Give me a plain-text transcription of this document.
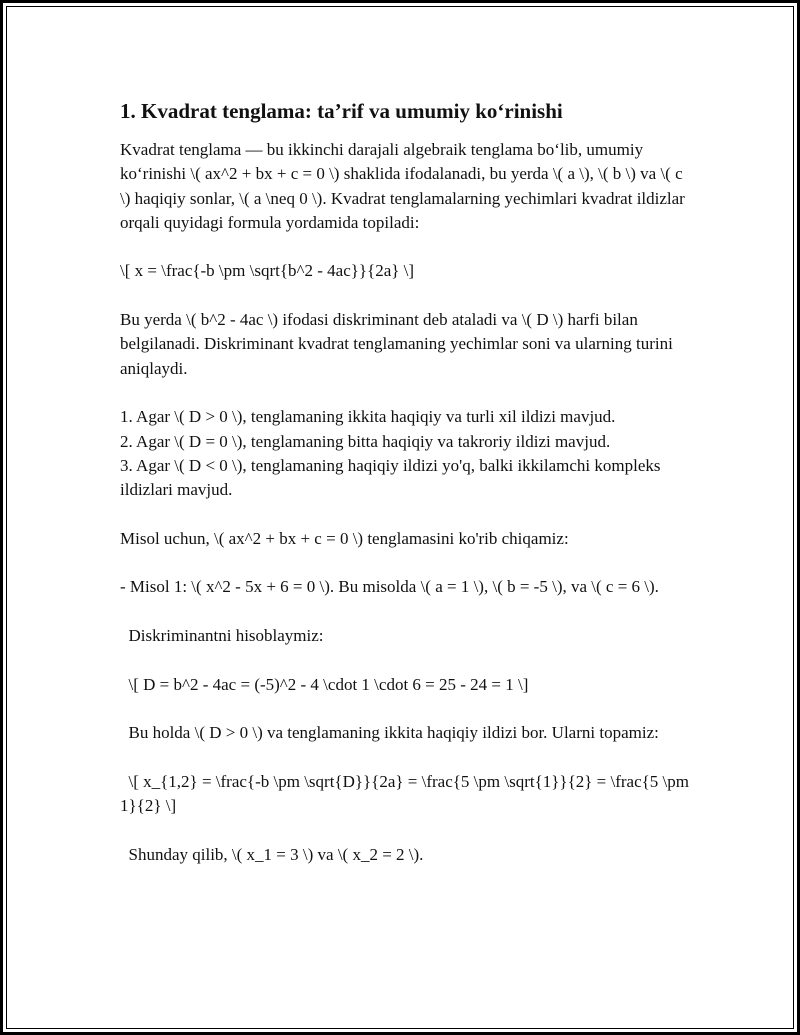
1. Kvadrat tenglama: ta’rif va umumiy ko‘rinishi

Kvadrat tenglama — bu ikkinchi darajali algebraik tenglama bo‘lib, umumiy ko‘rinishi \( ax^2 + bx + c = 0 \) shaklida ifodalanadi, bu yerda \( a \), \( b \) va \( c \) haqiqiy sonlar, \( a \neq 0 \). Kvadrat tenglamalarning yechimlari kvadrat ildizlar orqali quyidagi formula yordamida topiladi:

\[ x = \frac{-b \pm \sqrt{b^2 - 4ac}}{2a} \]

Bu yerda \( b^2 - 4ac \) ifodasi diskriminant deb ataladi va \( D \) harfi bilan belgilanadi. Diskriminant kvadrat tenglamaning yechimlar soni va ularning turini aniqlaydi.

1. Agar \( D > 0 \), tenglamaning ikkita haqiqiy va turli xil ildizi mavjud.
2. Agar \( D = 0 \), tenglamaning bitta haqiqiy va takroriy ildizi mavjud.
3. Agar \( D < 0 \), tenglamaning haqiqiy ildizi yo'q, balki ikkilamchi kompleks ildizlari mavjud.

Misol uchun, \( ax^2 + bx + c = 0 \) tenglamasini ko'rib chiqamiz:

- Misol 1: \( x^2 - 5x + 6 = 0 \). Bu misolda \( a = 1 \), \( b = -5 \), va \( c = 6 \).

Diskriminantni hisoblaymiz:

\[ D = b^2 - 4ac = (-5)^2 - 4 \cdot 1 \cdot 6 = 25 - 24 = 1 \]

Bu holda \( D > 0 \) va tenglamaning ikkita haqiqiy ildizi bor. Ularni topamiz:

\[ x_{1,2} = \frac{-b \pm \sqrt{D}}{2a} = \frac{5 \pm \sqrt{1}}{2} = \frac{5 \pm 1}{2} \]

Shunday qilib, \( x_1 = 3 \) va \( x_2 = 2 \).
